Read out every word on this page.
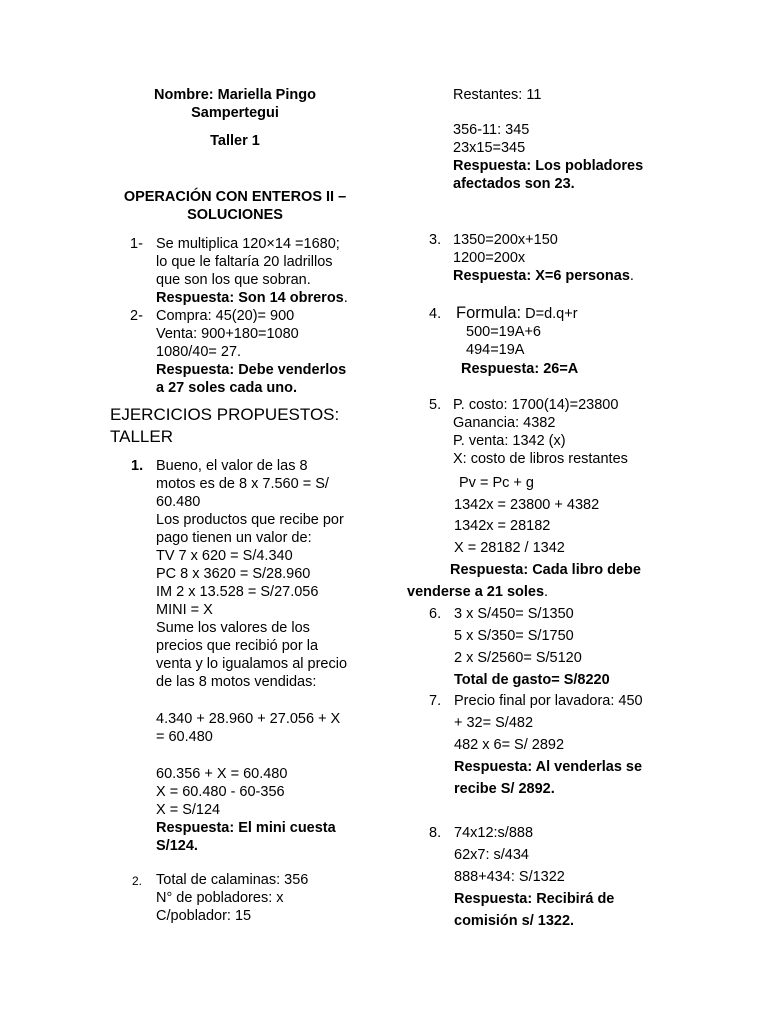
Nombre: Mariella Pingo
Sampertegui
Taller 1
OPERACIÓN CON ENTEROS II –
SOLUCIONES
1- Se multiplica 120×14 =1680;
lo que le faltaría 20 ladrillos
que son los que sobran.
Respuesta: Son 14 obreros.
2- Compra: 45(20)= 900
Venta: 900+180=1080
1080/40= 27.
Respuesta: Debe venderlos
a 27 soles cada uno.
EJERCICIOS PROPUESTOS:
TALLER
1. Bueno, el valor de las 8
motos es de 8 x 7.560 = S/
60.480
Los productos que recibe por
pago tienen un valor de:
TV 7 x 620 = S/4.340
PC 8 x 3620 = S/28.960
IM 2 x 13.528 = S/27.056
MINI = X
Sume los valores de los
precios que recibió por la
venta y lo igualamos al precio
de las 8 motos vendidas:
4.340 + 28.960 + 27.056 + X
= 60.480
60.356 + X = 60.480
X = 60.480 - 60-356
X = S/124
Respuesta: El mini cuesta
S/124.
2. Total de calaminas: 356
N° de pobladores: x
C/poblador: 15
Restantes: 11
356-11: 345
23x15=345
Respuesta: Los pobladores
afectados son 23.
3. 1350=200x+150
1200=200x
Respuesta: X=6 personas.
4. Formula: D=d.q+r
500=19A+6
494=19A
Respuesta: 26=A
5. P. costo: 1700(14)=23800
Ganancia: 4382
P. venta: 1342 (x)
X: costo de libros restantes
Pv = Pc + g
1342x = 23800 + 4382
1342x = 28182
X = 28182 / 1342
Respuesta: Cada libro debe
venderse a 21 soles.
6. 3 x S/450= S/1350
5 x S/350= S/1750
2 x S/2560= S/5120
Total de gasto= S/8220
7. Precio final por lavadora: 450
+ 32= S/482
482 x 6= S/ 2892
Respuesta: Al venderlas se
recibe S/ 2892.
8. 74x12:s/888
62x7: s/434
888+434: S/1322
Respuesta: Recibirá de
comisión s/ 1322.
